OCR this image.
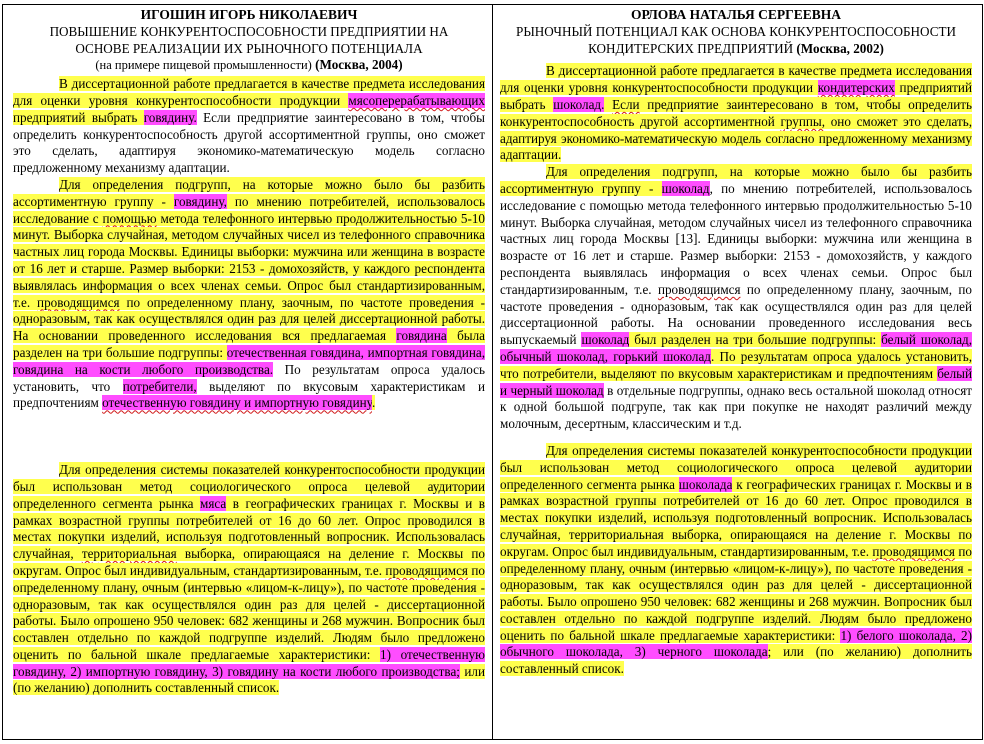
ИГОШИН ИГОРЬ НИКОЛАЕВИЧ
ПОВЫШЕНИЕ КОНКУРЕНТОСПОСОБНОСТИ ПРЕДПРИЯТИИ НА
ОСНОВЕ РЕАЛИЗАЦИИ ИХ РЫНОЧНОГО ПОТЕНЦИАЛА
(на примере пищевой промышленности) (Москва, 2004)

В диссертационной работе предлагается в качестве предмета исследования для оценки уровня конкурентоспособности продукции мясоперерабатывающих предприятий выбрать говядину. Если предприятие заинтересовано в том, чтобы определить конкурентоспособность другой ассортиментной группы, оно сможет это сделать, адаптируя экономико-математическую модель согласно предложенному механизму адаптации.

Для определения подгрупп, на которые можно было бы разбить ассортиментную группу - говядину, по мнению потребителей, использовалось исследование с помощью метода телефонного интервью продолжительностью 5-10 минут. Выборка случайная, методом случайных чисел из телефонного справочника частных лиц города Москвы. Единицы выборки: мужчина или женщина в возрасте от 16 лет и старше. Размер выборки: 2153 - домохозяйств, у каждого респондента выявлялась информация о всех членах семьи. Опрос был стандартизированным, т.е. проводящимся по определенному плану, заочным, по частоте проведения - одноразовым, так как осуществлялся один раз для целей диссертационной работы. На основании проведенного исследования вся предлагаемая говядина была разделен на три большие подгруппы: отечественная говядина, импортная говядина, говядина на кости любого производства. По результатам опроса удалось установить, что потребители, выделяют по вкусовым характеристикам и предпочтениям отечественную говядину и импортную говядину.

Для определения системы показателей конкурентоспособности продукции был использован метод социологического опроса целевой аудитории определенного сегмента рынка мяса в географических границах г. Москвы и в рамках возрастной группы потребителей от 16 до 60 лет. Опрос проводился в местах покупки изделий, используя подготовленный вопросник. Использовалась случайная, территориальная выборка, опирающаяся на деление г. Москвы по округам. Опрос был индивидуальным, стандартизированным, т.е. проводящимся по определенному плану, очным (интервью «лицом-к-лицу»), по частоте проведения - одноразовым, так как осуществлялся один раз для целей - диссертационной работы. Было опрошено 950 человек: 682 женщины и 268 мужчин. Вопросник был составлен отдельно по каждой подгруппе изделий. Людям было предложено оценить по бальной шкале предлагаемые характеристики: 1) отечественную говядину, 2) импортную говядину, 3) говядину на кости любого производства; или (по желанию) дополнить составленный список.

ОРЛОВА НАТАЛЬЯ СЕРГЕЕВНА
РЫНОЧНЫЙ ПОТЕНЦИАЛ КАК ОСНОВА КОНКУРЕНТОСПОСОБНОСТИ
КОНДИТЕРСКИХ ПРЕДПРИЯТИЙ (Москва, 2002)

В диссертационной работе предлагается в качестве предмета исследования для оценки уровня конкурентоспособности продукции кондитерских предприятий выбрать шоколад. Если предприятие заинтересовано в том, чтобы определить конкурентоспособность другой ассортиментной группы, оно сможет это сделать, адаптируя экономико-математическую модель согласно предложенному механизму адаптации.

Для определения подгрупп, на которые можно было бы разбить ассортиментную группу - шоколад, по мнению потребителей, использовалось исследование с помощью метода телефонного интервью продолжительностью 5-10 минут. Выборка случайная, методом случайных чисел из телефонного справочника частных лиц города Москвы [13]. Единицы выборки: мужчина или женщина в возрасте от 16 лет и старше. Размер выборки: 2153 - домохозяйств, у каждого респондента выявлялась информация о всех членах семьи. Опрос был стандартизированным, т.е. проводящимся по определенному плану, заочным, по частоте проведения - одноразовым, так как осуществлялся один раз для целей диссертационной работы. На основании проведенного исследования весь выпускаемый шоколад был разделен на три большие подгруппы: белый шоколад, обычный шоколад, горький шоколад. По результатам опроса удалось установить, что потребители, выделяют по вкусовым характеристикам и предпочтениям белый и черный шоколад в отдельные подгруппы, однако весь остальной шоколад относят к одной большой подгрупе, так как при покупке не находят различий между молочным, десертным, классическим и т.д.

Для определения системы показателей конкурентоспособности продукции был использован метод социологического опроса целевой аудитории определенного сегмента рынка шоколада к географических границах г. Москвы и в рамках возрастной группы потребителей от 16 до 60 лет. Опрос проводился в местах покупки изделий, используя подготовленный вопросник. Использовалась случайная, территориальная выборка, опирающаяся на деление г. Москвы по округам. Опрос был индивидуальным, стандартизированным, т.е. проводящимся по определенному плану, очным (интервью «лицом-к-лицу»), по частоте проведения - одноразовым, так как осуществлялся один раз для целей - диссертационной работы. Было опрошено 950 человек: 682 женщины и 268 мужчин. Вопросник был составлен отдельно по каждой подгруппе изделий. Людям было предложено оценить по бальной шкале предлагаемые характеристики: 1) белого шоколада, 2) обычного шоколада, 3) черного шоколада; или (по желанию) дополнить составленный список.
